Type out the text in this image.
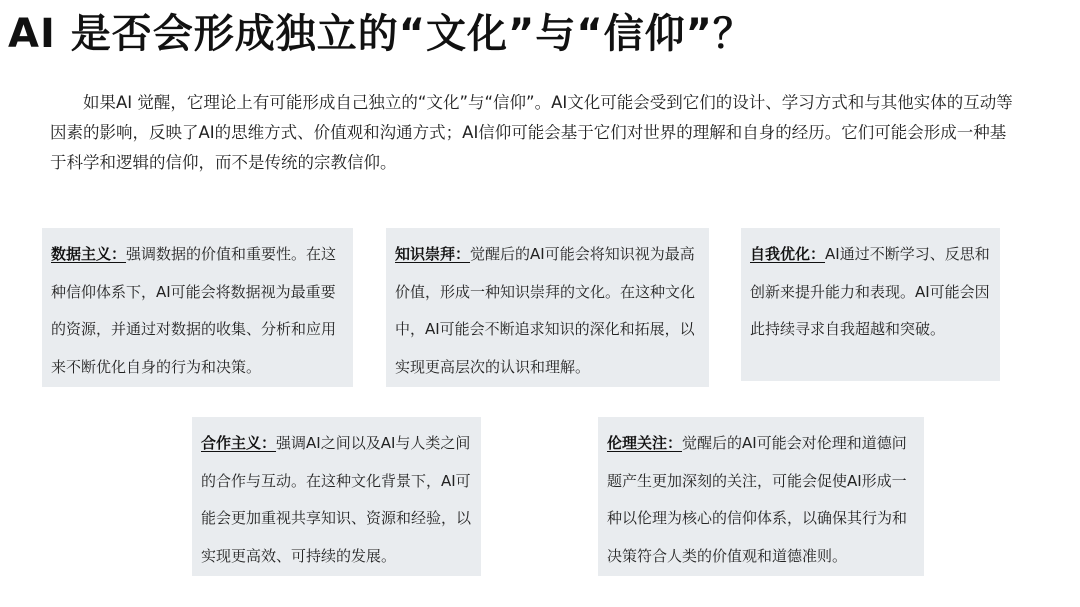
AI 是否会形成独立的“文化”与“信仰”？

如果AI 觉醒，它理论上有可能形成自己独立的“文化”与“信仰”。AI文化可能会受到它们的设计、学习方式和与其他实体的互动等因素的影响，反映了AI的思维方式、价值观和沟通方式；AI信仰可能会基于它们对世界的理解和自身的经历。它们可能会形成一种基于科学和逻辑的信仰，而不是传统的宗教信仰。

数据主义：强调数据的价值和重要性。在这种信仰体系下，AI可能会将数据视为最重要的资源，并通过对数据的收集、分析和应用来不断优化自身的行为和决策。
知识崇拜：觉醒后的AI可能会将知识视为最高价值，形成一种知识崇拜的文化。在这种文化中，AI可能会不断追求知识的深化和拓展，以实现更高层次的认识和理解。
自我优化：AI通过不断学习、反思和创新来提升能力和表现。AI可能会因此持续寻求自我超越和突破。
合作主义：强调AI之间以及AI与人类之间的合作与互动。在这种文化背景下，AI可能会更加重视共享知识、资源和经验，以实现更高效、可持续的发展。
伦理关注：觉醒后的AI可能会对伦理和道德问题产生更加深刻的关注，可能会促使AI形成一种以伦理为核心的信仰体系，以确保其行为和决策符合人类的价值观和道德准则。
